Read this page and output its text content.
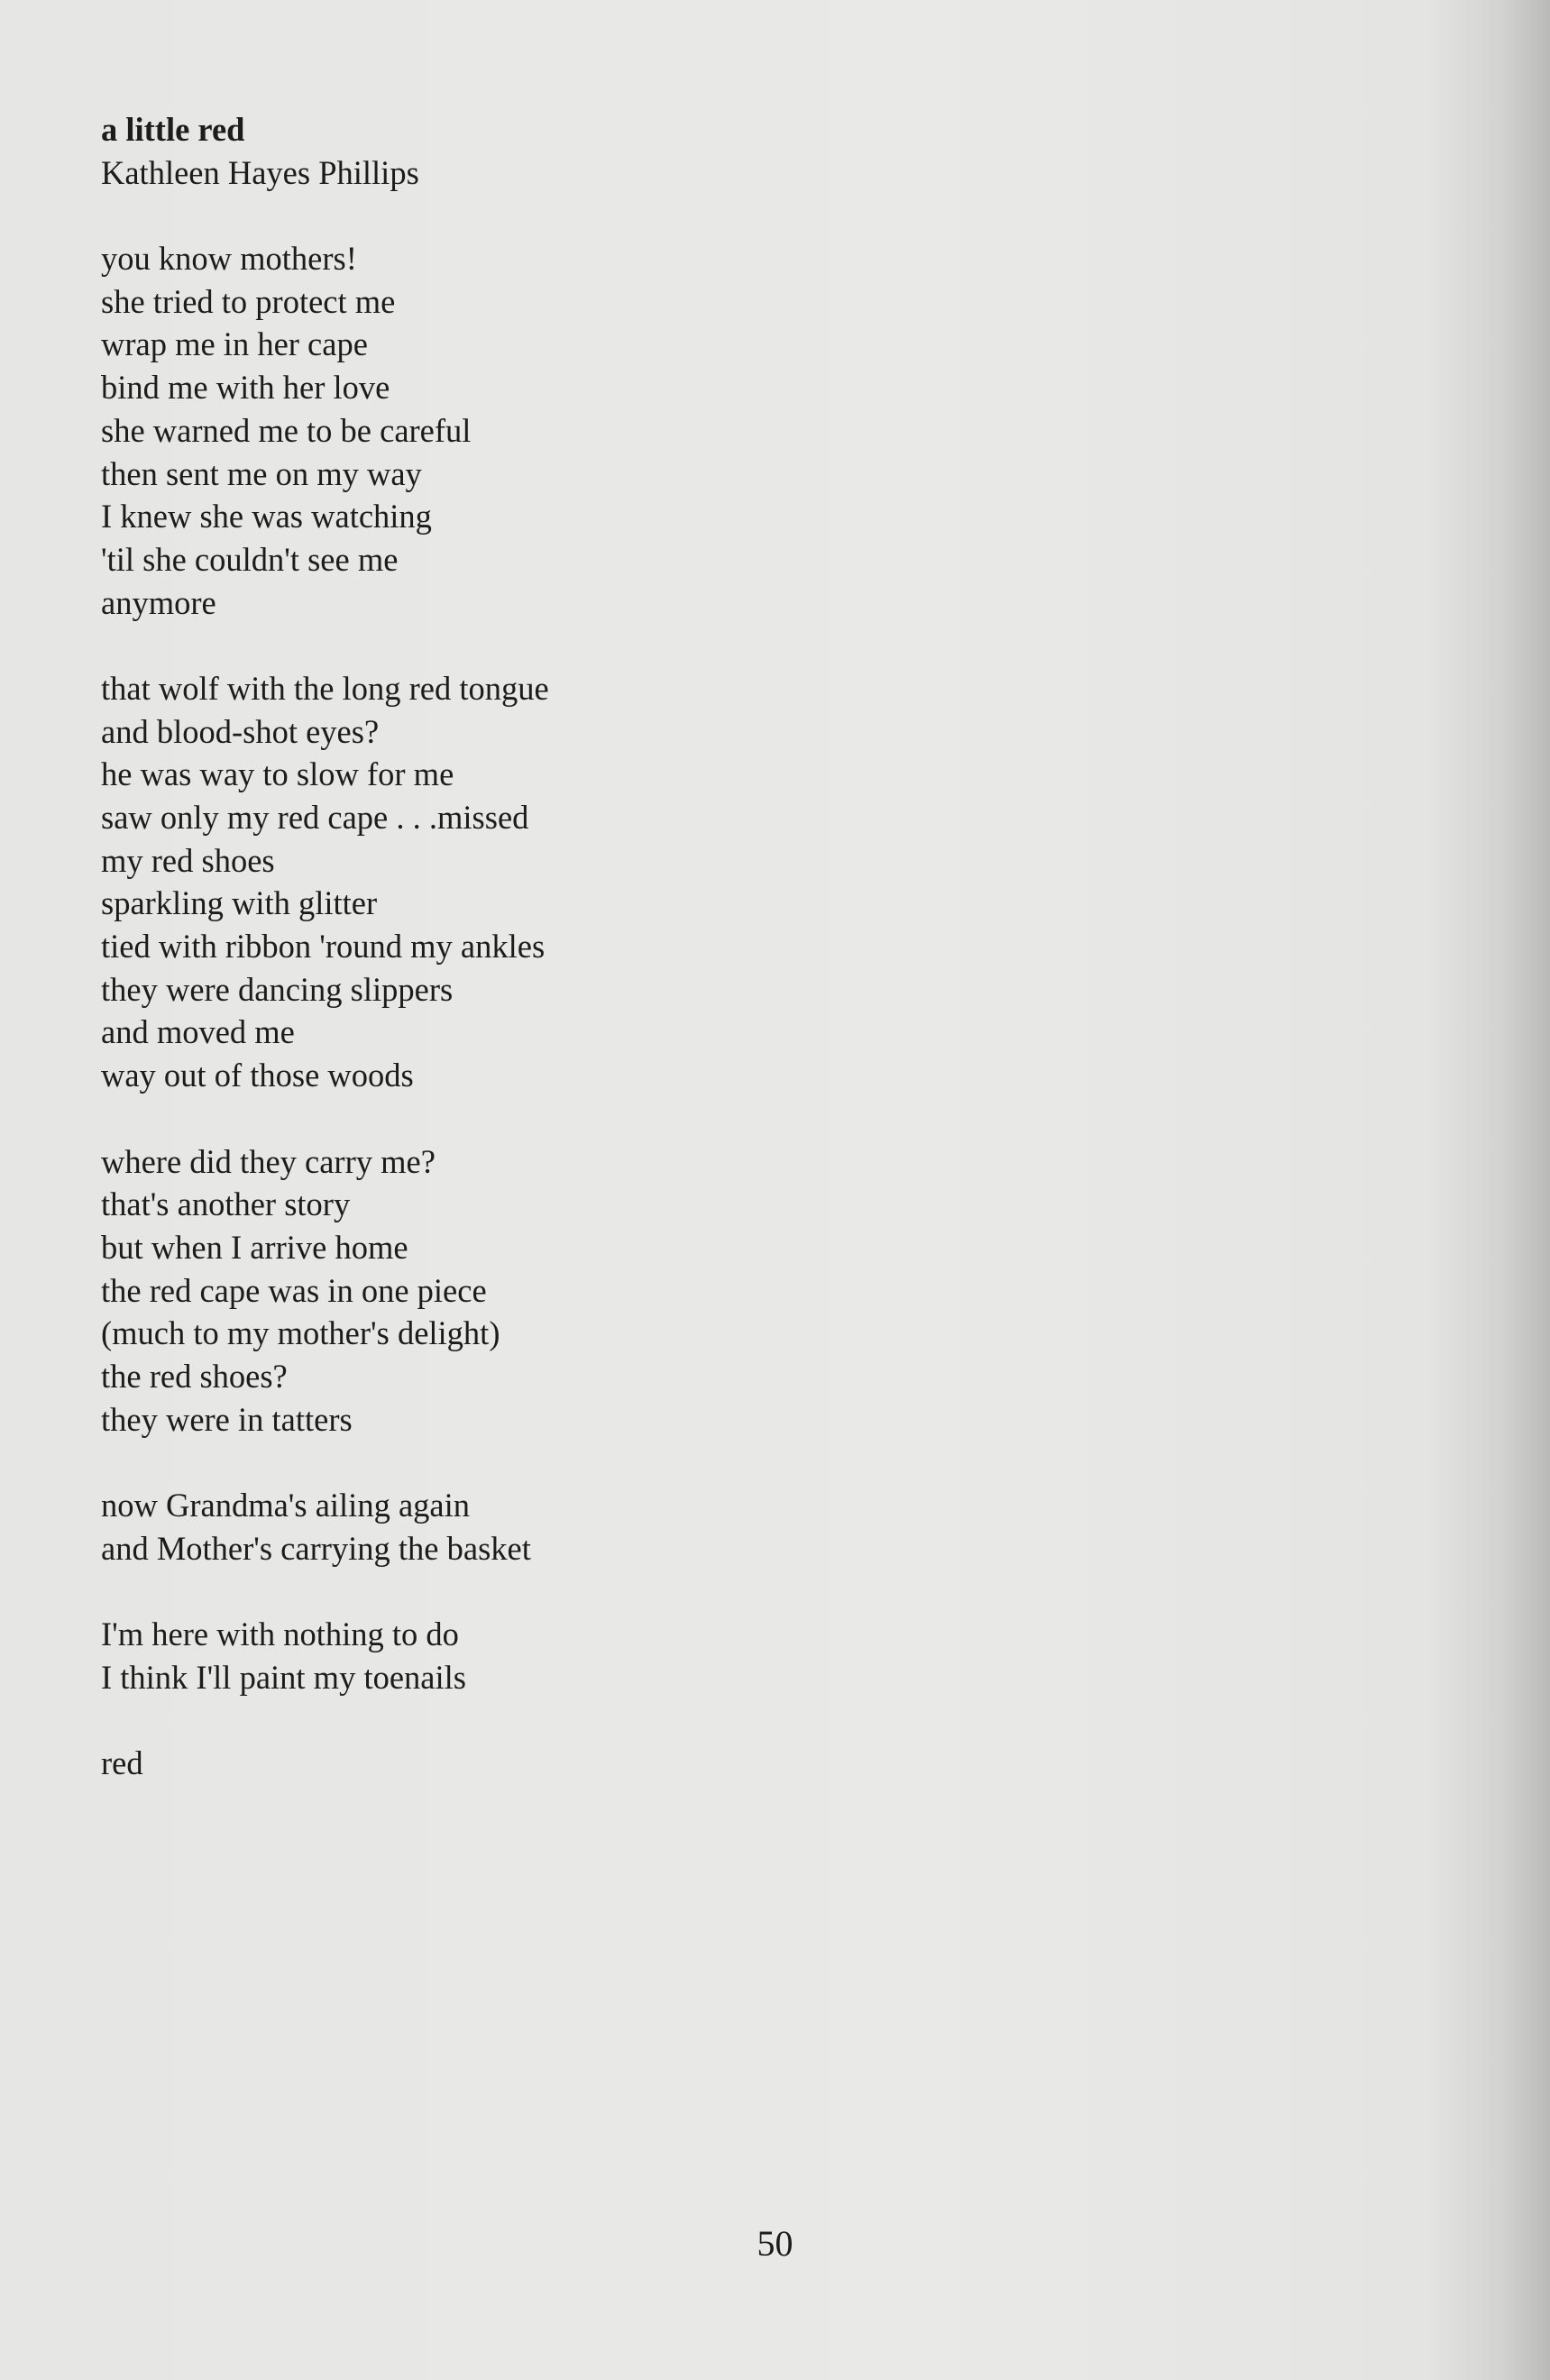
a little red
Kathleen Hayes Phillips
you know mothers!
she tried to protect me
wrap me in her cape
bind me with her love
she warned me to be careful
then sent me on my way
I knew she was watching
'til she couldn't see me
anymore
that wolf with the long red tongue
and blood-shot eyes?
he was way to slow for me
saw only my red cape . . .missed
my red shoes
sparkling with glitter
tied with ribbon 'round my ankles
they were dancing slippers
and moved me
way out of those woods
where did they carry me?
that's another story
but when I arrive home
the red cape was in one piece
(much to my mother's delight)
the red shoes?
they were in tatters
now Grandma's ailing again
and Mother's carrying the basket
I'm here with nothing to do
I think I'll paint my toenails
red
50
